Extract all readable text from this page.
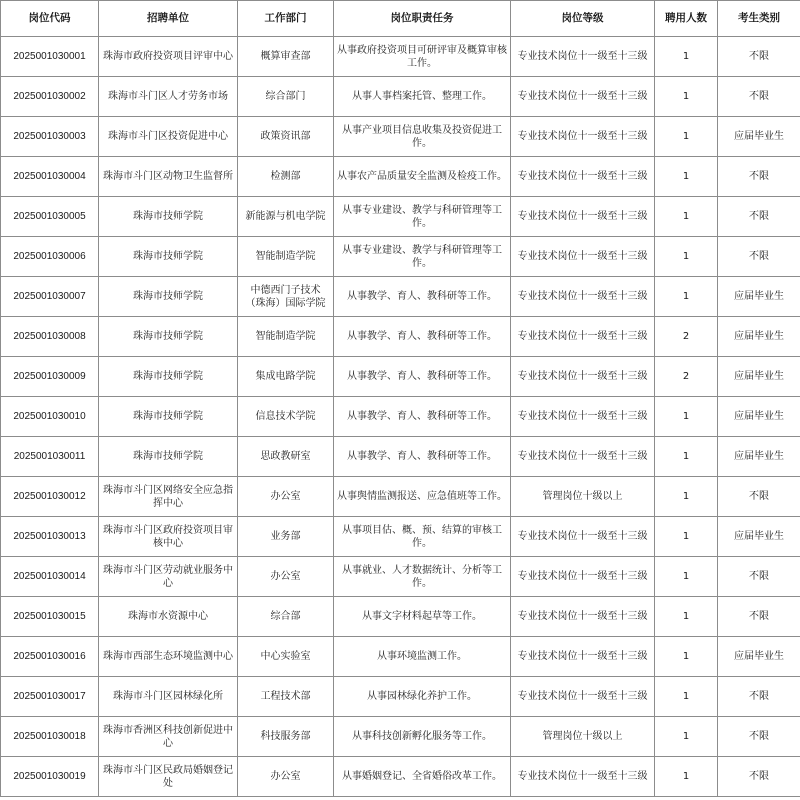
岗位代码	招聘单位	工作部门	岗位职责任务	岗位等级	聘用人数	考生类别
2025001030001	珠海市政府投资项目评审中心	概算审查部	从事政府投资项目可研评审及概算审核工作。	专业技术岗位十一级至十三级	1	不限
2025001030002	珠海市斗门区人才劳务市场	综合部门	从事人事档案托管、整理工作。	专业技术岗位十一级至十三级	1	不限
2025001030003	珠海市斗门区投资促进中心	政策资讯部	从事产业项目信息收集及投资促进工作。	专业技术岗位十一级至十三级	1	应届毕业生
2025001030004	珠海市斗门区动物卫生监督所	检测部	从事农产品质量安全监测及检疫工作。	专业技术岗位十一级至十三级	1	不限
2025001030005	珠海市技师学院	新能源与机电学院	从事专业建设、教学与科研管理等工作。	专业技术岗位十一级至十三级	1	不限
2025001030006	珠海市技师学院	智能制造学院	从事专业建设、教学与科研管理等工作。	专业技术岗位十一级至十三级	1	不限
2025001030007	珠海市技师学院	中德西门子技术（珠海）国际学院	从事教学、育人、教科研等工作。	专业技术岗位十一级至十三级	1	应届毕业生
2025001030008	珠海市技师学院	智能制造学院	从事教学、育人、教科研等工作。	专业技术岗位十一级至十三级	2	应届毕业生
2025001030009	珠海市技师学院	集成电路学院	从事教学、育人、教科研等工作。	专业技术岗位十一级至十三级	2	应届毕业生
2025001030010	珠海市技师学院	信息技术学院	从事教学、育人、教科研等工作。	专业技术岗位十一级至十三级	1	应届毕业生
2025001030011	珠海市技师学院	思政教研室	从事教学、育人、教科研等工作。	专业技术岗位十一级至十三级	1	应届毕业生
2025001030012	珠海市斗门区网络安全应急指挥中心	办公室	从事舆情监测报送、应急值班等工作。	管理岗位十级以上	1	不限
2025001030013	珠海市斗门区政府投资项目审核中心	业务部	从事项目估、概、预、结算的审核工作。	专业技术岗位十一级至十三级	1	应届毕业生
2025001030014	珠海市斗门区劳动就业服务中心	办公室	从事就业、人才数据统计、分析等工作。	专业技术岗位十一级至十三级	1	不限
2025001030015	珠海市水资源中心	综合部	从事文字材料起草等工作。	专业技术岗位十一级至十三级	1	不限
2025001030016	珠海市西部生态环境监测中心	中心实验室	从事环境监测工作。	专业技术岗位十一级至十三级	1	应届毕业生
2025001030017	珠海市斗门区园林绿化所	工程技术部	从事园林绿化养护工作。	专业技术岗位十一级至十三级	1	不限
2025001030018	珠海市香洲区科技创新促进中心	科技服务部	从事科技创新孵化服务等工作。	管理岗位十级以上	1	不限
2025001030019	珠海市斗门区民政局婚姻登记处	办公室	从事婚姻登记、全省婚俗改革工作。	专业技术岗位十一级至十三级	1	不限
